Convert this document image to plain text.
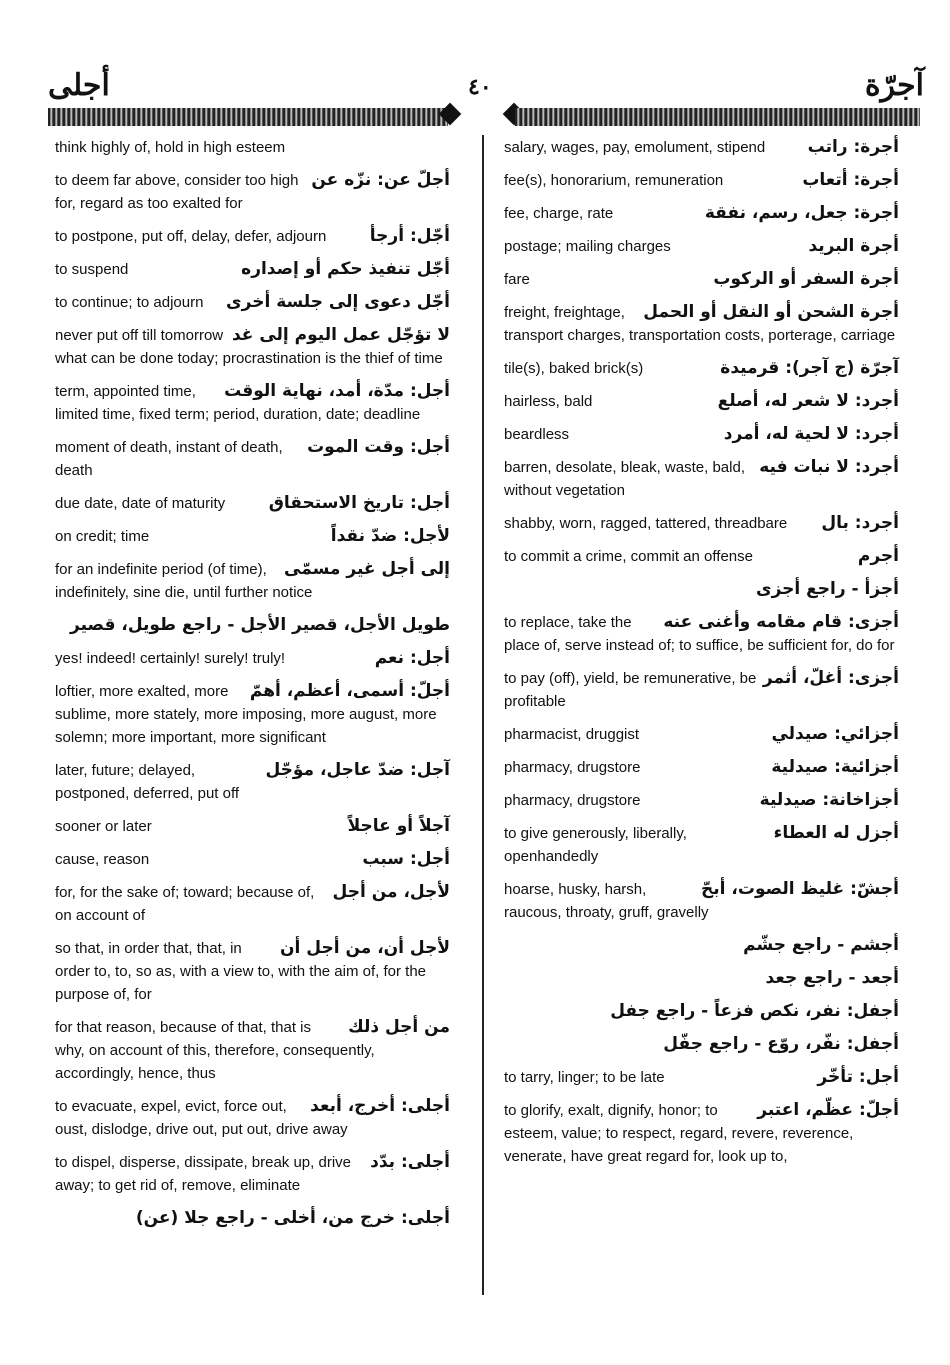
أجلى	٤٠	آجرّة
think highly of, hold in high esteem
أجلّ عن: نزّه عن
to deem far above, consider too high for, regard as too exalted for
أجّل: أرجأ
to postpone, put off, delay, defer, adjourn
أجّل تنفيذ حكم أو إصداره
to suspend
أجّل دعوى إلى جلسة أخرى
to continue; to adjourn
لا تؤجّل عمل اليوم إلى غد
never put off till tomorrow what can be done today; procrastination is the thief of time
أجل: مدّة، أمد، نهاية الوقت
term, appointed time, limited time, fixed term; period, duration, date; deadline
أجل: وقت الموت
moment of death, instant of death, death
أجل: تاريخ الاستحقاق
due date, date of maturity
لأجل: ضدّ نقداً
on credit; time
إلى أجل غير مسمّى
for an indefinite period (of time), indefinitely, sine die, until further notice
طويل الأجل، قصير الأجل - راجع طويل، قصير
أجل: نعم
yes! indeed! certainly! surely! truly!
أجلّ: أسمى، أعظم، أهمّ
loftier, more exalted, more sublime, more stately, more imposing, more august, more solemn; more important, more significant
آجل: ضدّ عاجل، مؤجّل
later, future; delayed, postponed, deferred, put off
آجلاً أو عاجلاً
sooner or later
أجل: سبب
cause, reason
لأجل، من أجل
for, for the sake of; toward; because of, on account of
لأجل أن، من أجل أن
so that, in order that, that, in order to, to, so as, with a view to, with the aim of, for the purpose of, for
من أجل ذلك
for that reason, because of that, that is why, on account of this, therefore, consequently, accordingly, hence, thus
أجلى: أخرج، أبعد
to evacuate, expel, evict, force out, oust, dislodge, drive out, put out, drive away
أجلى: بدّد
to dispel, disperse, dissipate, break up, drive away; to get rid of, remove, eliminate
أجلى: خرج من، أخلى - راجع جلا (عن)
أجرة: راتب
salary, wages, pay, emolument, stipend
أجرة: أتعاب
fee(s), honorarium, remuneration
أجرة: جعل، رسم، نفقة
fee, charge, rate
أجرة البريد
postage; mailing charges
أجرة السفر أو الركوب
fare
أجرة الشحن أو النقل أو الحمل
freight, freightage, transport charges, transportation costs, porterage, carriage
آجرّة (ج آجر): قرميدة
tile(s), baked brick(s)
أجرد: لا شعر له، أصلع
hairless, bald
أجرد: لا لحية له، أمرد
beardless
أجرد: لا نبات فيه
barren, desolate, bleak, waste, bald, without vegetation
أجرد: بال
shabby, worn, ragged, tattered, threadbare
أجرم
to commit a crime, commit an offense
أجزأ - راجع أجزى
أجزى: قام مقامه وأغنى عنه
to replace, take the place of, serve instead of; to suffice, be sufficient for, do for
أجزى: أغلّ، أثمر
to pay (off), yield, be remunerative, be profitable
أجزائي: صيدلي
pharmacist, druggist
أجزائية: صيدلية
pharmacy, drugstore
أجزاخانة: صيدلية
pharmacy, drugstore
أجزل له العطاء
to give generously, liberally, openhandedly
أجشّ: غليظ الصوت، أبحّ
hoarse, husky, harsh, raucous, throaty, gruff, gravelly
أجشم - راجع جشّم
أجعد - راجع جعد
أجفل: نفر، نكص فزعاً - راجع جفل
أجفل: نفّر، روّع - راجع جفّل
أجل: تأخّر
to tarry, linger; to be late
أجلّ: عظّم، اعتبر
to glorify, exalt, dignify, honor; to esteem, value; to respect, regard, revere, reverence, venerate, have great regard for, look up to,
